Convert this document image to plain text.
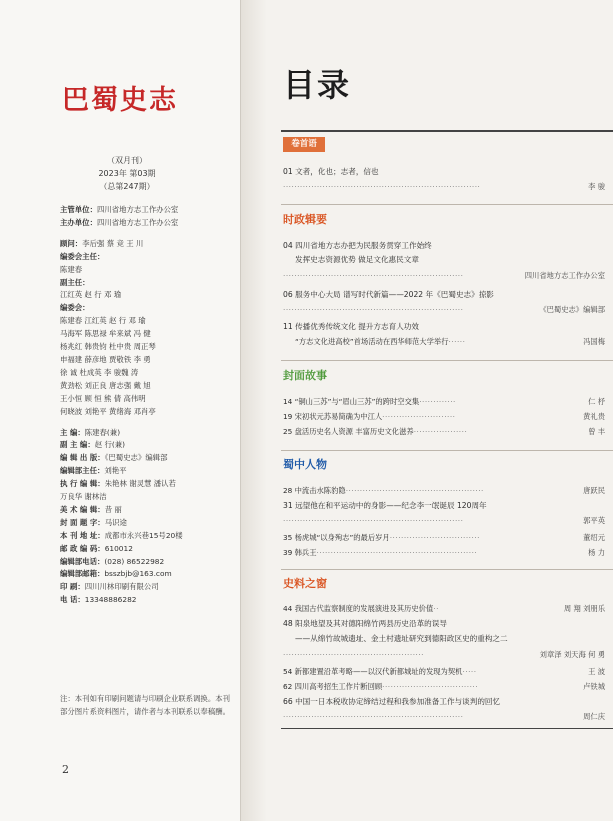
巴蜀史志
（双月刊）
2023年 第03期
（总第247期）
主管单位：四川省地方志工作办公室
主办单位：四川省地方志工作办公室
顾问：李后强 蔡 竞 王 川
编委会主任：
陈建春
副主任：
江红英 赵 行 邓 瑜
编委会：
陈建春 江红英 赵 行 邓 瑜
马海军 陈思禄 牟来斌 冯 健
杨兆红 韩贵钧 杜中贵 周正琴
申福建 薛彦地 贾敬铁 李 勇
徐 诚 杜成英 李 骏魏 涛
黄劲松 刘正良 唐志强 戴 旭
王小恒 顾 恒 熊 倩 高伟明
何晓波 刘艳平 黄绪海 邓肖亭
主 编：陈建春(兼)
副 主 编：赵 行(兼)
编 辑 出 版：《巴蜀史志》编辑部
编辑部主任：刘艳平
执 行 编 辑：朱艳林 谢灵慧 潘认若
万良华 谢林洁
美 术 编 辑：昔 丽
封 面 题 字：马识途
本 刊 地 址：成都市永兴巷15号20楼
邮 政 编 码：610012
编辑部电话：(028) 86522982
编辑部邮箱：bsszbjb@163.com
印 刷：四川川林印刷有限公司
电 话：13348886282
注：本刊如有印刷问题请与印刷企业联系调换。本刊部分图片系资料图片，请作者与本刊联系以奉稿酬。
2
目录
卷首语
01 文者，化也；志者，信也
······································································	李 骏
时政辑要
04 四川省地方志办把为民服务贯穿工作始终
发挥史志资源优势 做足文化惠民文章
································································	四川省地方志工作办公室
06 服务中心大局 谱写时代新篇——2022 年《巴蜀史志》掠影
································································	《巴蜀史志》编辑部
11 传播优秀传统文化 提升方志育人功效
“方志文化进高校”首场活动在西华师范大学举行······	冯国梅
封面故事
14 “铜山三苏”与“眉山三苏”的跨时空交集·············	仁 杼
19 宋初状元苏易简确为中江人··························	黄礼贵
25 盘活历史名人资源 丰富历史文化滋养···················	曾 丰
蜀中人物
28 中流击水陈豹隐·················································	唐跃民
31 远望他在和平运动中的身影——纪念李一氓诞辰 120周年
································································	郭平英
35 杨虎城“以身殉志”的最后岁月································	董绍元
39 韩兵王·························································	杨 力
史料之窗
44 我国古代监察制度的发展演进及其历史价值··	周 翔 刘朋乐
48 阳泉地望及其对德阳绵竹两县历史沿革的误导
——从绵竹故城遗址、金土村遗址研究到德阳政区史的重构之二
··················································	刘章泽 刘天海 何 勇
54 新都建置沿革考略——以汉代新都城址的发现为契机·····	王 波
62 四川高考招生工作片断回顾··································	卢铁城
66 中国一日本税收协定缔结过程和我参加准备工作与谈判的回忆
································································	周仁庆
